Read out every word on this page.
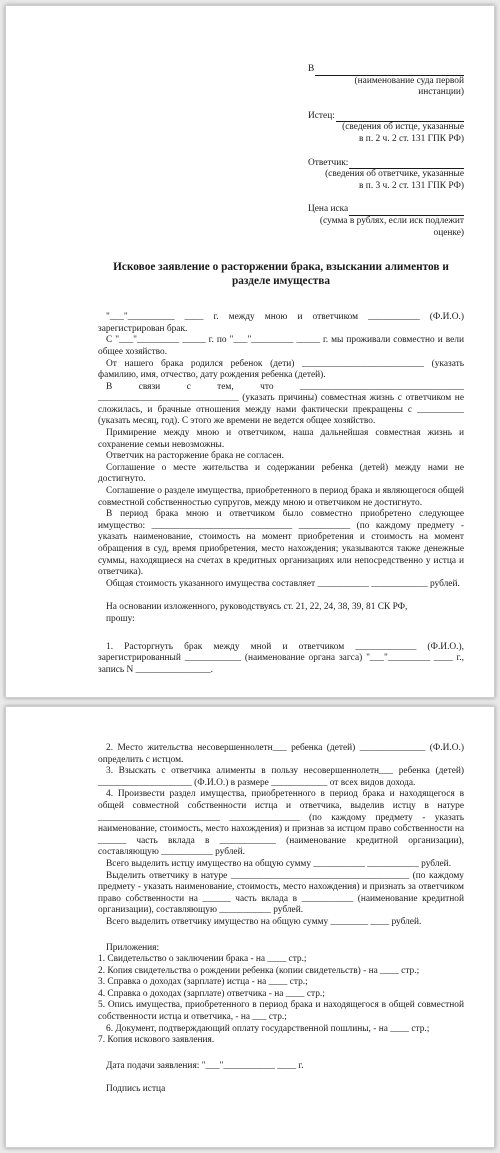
В
(наименование суда первой инстанции)
Истец:
(сведения об истце, указанные
в п. 2 ч. 2 ст. 131 ГПК РФ)
Ответчик:
(сведения об ответчике, указанные
в п. 3 ч. 2 ст. 131 ГПК РФ)
Цена иска
(сумма в рублях, если иск подлежит
оценке)
Исковое заявление о расторжении брака, взыскании алиментов и разделе имущества

"___"__________ ____ г. между мною и ответчиком ___________ (Ф.И.О.) зарегистрирован брак.

С "___"_________ _____ г. по "___"_________ _____ г. мы проживали совместно и вели общее хозяйство.

От нашего брака родился ребенок (дети) __________________________ (указать фамилию, имя, отчество, дату рождения ребенка (детей).

В связи с тем, что ___________________________________ ______________________________ (указать причины) совместная жизнь с ответчиком не сложилась, и брачные отношения между нами фактически прекращены с __________ (указать месяц, год). С этого же времени не ведется общее хозяйство.

Примирение между мною и ответчиком, наша дальнейшая совместная жизнь и сохранение семьи невозможны.

Ответчик на расторжение брака не согласен.

Соглашение о месте жительства и содержании ребенка (детей) между нами не достигнуто.

Соглашение о разделе имущества, приобретенного в период брака и являющегося общей совместной собственностью супругов, между мною и ответчиком не достигнуто.

В период брака мною и ответчиком было совместно приобретено следующее имущество: ______________________________ ___________ (по каждому предмету - указать наименование, стоимость на момент приобретения и стоимость на момент обращения в суд, время приобретения, место нахождения; указываются также денежные суммы, находящиеся на счетах в кредитных организациях или непосредственно у истца и ответчика).

Общая стоимость указанного имущества составляет ___________ ____________ рублей.

На основании изложенного, руководствуясь ст. 21, 22, 24, 38, 39, 81 СК РФ,

прошу:

1. Расторгнуть брак между мной и ответчиком _____________ (Ф.И.О.), зарегистрированный ____________ (наименование органа загса) "___"_________ ____ г., запись N ________________.

2. Место жительства несовершеннолетн___ ребенка (детей) ______________ (Ф.И.О.) определить с истцом.

3. Взыскать с ответчика алименты в пользу несовершеннолетн___ ребенка (детей) ____________________ (Ф.И.О.) в размере ____________ от всех видов дохода.

4. Произвести раздел имущества, приобретенного в период брака и находящегося в общей совместной собственности истца и ответчика, выделив истцу в натуре __________________________ _______________ (по каждому предмету - указать наименование, стоимость, место нахождения) и признав за истцом право собственности на ______ часть вклада в ____________ (наименование кредитной организации), составляющую ___________ рублей.

Всего выделить истцу имущество на общую сумму ___________ ___________ рублей.

Выделить ответчику в натуре ______________________________________ (по каждому предмету - указать наименование, стоимость, место нахождения) и признать за ответчиком право собственности на ______ часть вклада в ___________ (наименование кредитной организации), составляющую ___________ рублей.

Всего выделить ответчику имущество на общую сумму ________ ____ рублей.

Приложения:

1. Свидетельство о заключении брака - на ____ стр.;

2. Копия свидетельства о рождении ребенка (копии свидетельств) - на ____ стр.;

3. Справка о доходах (зарплате) истца - на ____ стр.;

4. Справка о доходах (зарплате) ответчика - на ____ стр.;

5. Опись имущества, приобретенного в период брака и находящегося в общей совместной собственности истца и ответчика, - на ___ стр.;

6. Документ, подтверждающий оплату государственной пошлины, - на ____ стр.;

7. Копия искового заявления.

Дата подачи заявления: "___"___________ ____ г.

Подпись истца
